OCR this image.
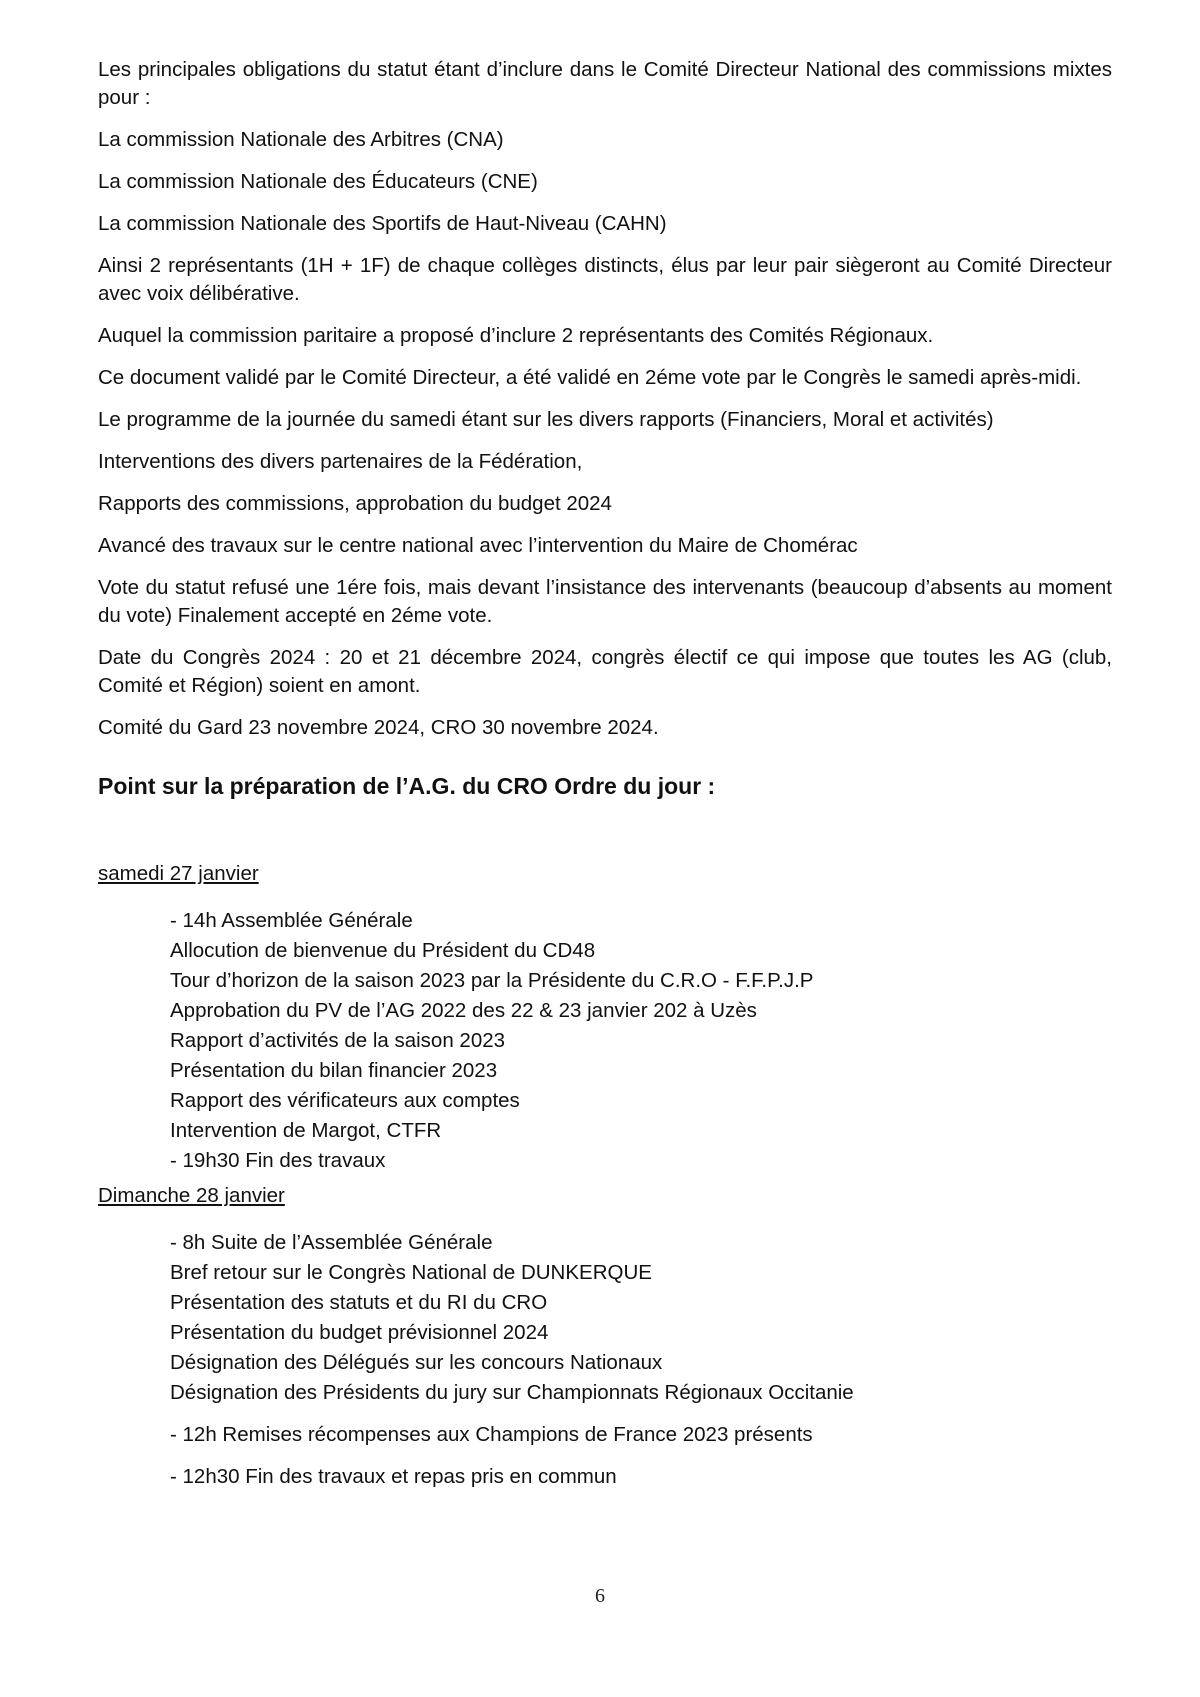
Les principales obligations du statut étant d’inclure dans le Comité Directeur National des commissions mixtes pour :

La commission Nationale des Arbitres (CNA)

La commission Nationale des Éducateurs (CNE)

La commission Nationale des Sportifs de Haut-Niveau (CAHN)

Ainsi 2 représentants (1H + 1F) de chaque collèges distincts, élus par leur pair siègeront au Comité Directeur avec voix délibérative.

Auquel la commission paritaire a proposé d’inclure 2 représentants des Comités Régionaux.

Ce document validé par le Comité Directeur, a été validé en 2éme vote par le Congrès le samedi après-midi.

Le programme de la journée du samedi étant sur les divers rapports (Financiers, Moral et activités)

Interventions des divers partenaires de la Fédération,

Rapports des commissions, approbation du budget 2024

Avancé des travaux sur le centre national avec l’intervention du Maire de Chomérac

Vote du statut refusé une 1ére fois, mais devant l’insistance des intervenants (beaucoup d’absents au moment du vote) Finalement accepté en 2éme vote.

Date du Congrès 2024 : 20 et 21 décembre 2024, congrès électif ce qui impose que toutes les AG (club, Comité et Région) soient en amont.

Comité du Gard 23 novembre 2024, CRO 30 novembre 2024.

Point sur la préparation de l’A.G. du CRO Ordre du jour :

samedi 27 janvier

- 14h Assemblée Générale
Allocution de bienvenue du Président du CD48
Tour d’horizon de la saison 2023 par la Présidente du C.R.O - F.F.P.J.P
Approbation du PV de l’AG 2022 des 22 & 23 janvier 202 à Uzès
Rapport d’activités de la saison 2023
Présentation du bilan financier 2023
Rapport des vérificateurs aux comptes
Intervention de Margot, CTFR
- 19h30 Fin des travaux

Dimanche 28 janvier

- 8h Suite de l’Assemblée Générale
Bref retour sur le Congrès National de DUNKERQUE
Présentation des statuts et du RI du CRO
Présentation du budget prévisionnel 2024
Désignation des Délégués sur les concours Nationaux
Désignation des Présidents du jury sur Championnats Régionaux Occitanie
- 12h Remises récompenses aux Champions de France 2023 présents
- 12h30 Fin des travaux et repas pris en commun
6
